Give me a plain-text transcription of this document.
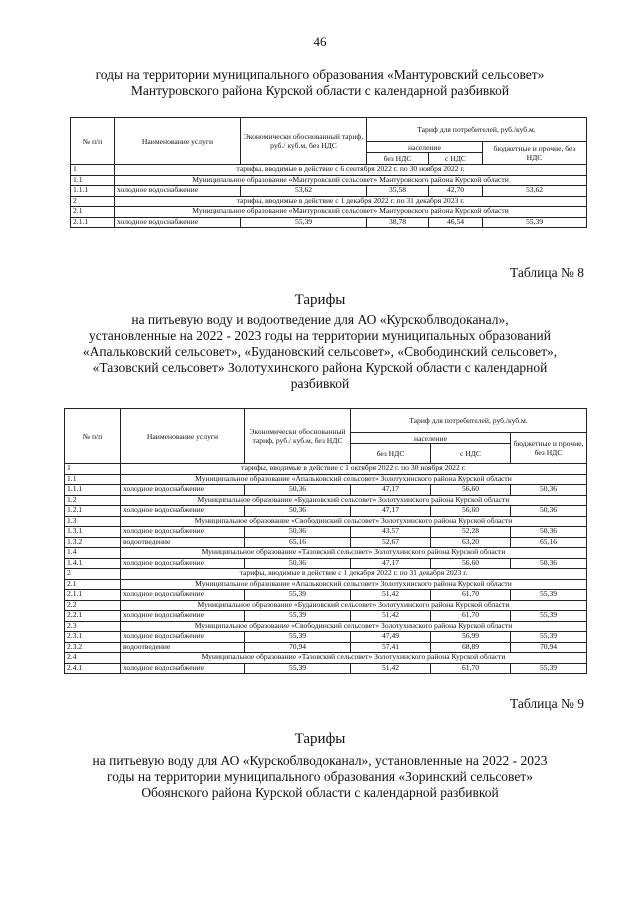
46
годы на территории муниципального образования «Мантуровский сельсовет»
Мантуровского района Курской области с календарной разбивкой
№ п/п	Наименование услуги	Экономически обоснованный тариф, руб./ куб.м, без НДС	Тариф для потребителей, руб./куб.м.		
			население		бюджетные и прочие, без НДС
			без НДС	с НДС	
1	тарифы, вводимые в действие с 6 сентября 2022 г. по 30 ноября 2022 г.				
1.1	Муниципальное образование «Мантуровский сельсовет» Мантуровского района Курской области				
1.1.1	холодное водоснабжение	53,62	35,58	42,70	53,62
2	тарифы, вводимые в действие с 1 декабря 2022 г. по 31 декабря 2023 г.				
2.1	Муниципальное образование «Мантуровский сельсовет» Мантуровского района Курской области				
2.1.1	холодное водоснабжение	55,39	38,78	46,54	55,39
Таблица № 8
Тарифы
на питьевую воду и водоотведение для АО «Курскоблводоканал»,
установленные на 2022 - 2023 годы на территории муниципальных образований
«Апальковский сельсовет», «Будановский сельсовет», «Свободинский сельсовет»,
«Тазовский сельсовет» Золотухинского района Курской области с календарной
разбивкой
№ п/п	Наименование услуги	Экономически обоснованный тариф, руб./ куб.м, без НДС	Тариф для потребителей, руб./куб.м.		
			население		бюджетные и прочие, без НДС
			без НДС	с НДС	
1	тарифы, вводимые в действие с 1 октября 2022 г. по 30 ноября 2022 г.				
1.1	Муниципальное образование «Апальковский сельсовет» Золотухинского района Курской области				
1.1.1	холодное водоснабжение	50,36	47,17	56,60	50,36
1.2	Муниципальное образование «Будановский сельсовет» Золотухинского района Курской области				
1.2.1	холодное водоснабжение	50,36	47,17	56,60	50,36
1.3	Муниципальное образование «Свободинский сельсовет» Золотухинского района Курской области				
1.3.1	холодное водоснабжение	50,36	43,57	52,28	50,36
1.3.2	водоотведение	65,16	52,67	63,20	65,16
1.4	Муниципальное образование «Тазовский сельсовет» Золотухинского района Курской области				
1.4.1	холодное водоснабжение	50,36	47,17	56,60	50,36
2	тарифы, вводимые в действие с 1 декабря 2022 г. по 31 декабря 2023 г.				
2.1	Муниципальное образование «Апальковский сельсовет» Золотухинского района Курской области				
2.1.1	холодное водоснабжение	55,39	51,42	61,70	55,39
2.2	Муниципальное образование «Будановский сельсовет» Золотухинского района Курской области				
2.2.1	холодное водоснабжение	55,39	51,42	61,70	55,39
2.3	Муниципальное образование «Свободинский сельсовет» Золотухинского района Курской области				
2.3.1	холодное водоснабжение	55,39	47,49	56,99	55,39
2.3.2	водоотведение	70,94	57,41	68,89	70,94
2.4	Муниципальное образование «Тазовский сельсовет» Золотухинского района Курской области				
2.4.1	холодное водоснабжение	55,39	51,42	61,70	55,39
Таблица № 9
Тарифы
на питьевую воду для АО «Курскоблводоканал», установленные на 2022 - 2023
годы на территории муниципального образования «Зоринский сельсовет»
Обоянского района Курской области с календарной разбивкой
